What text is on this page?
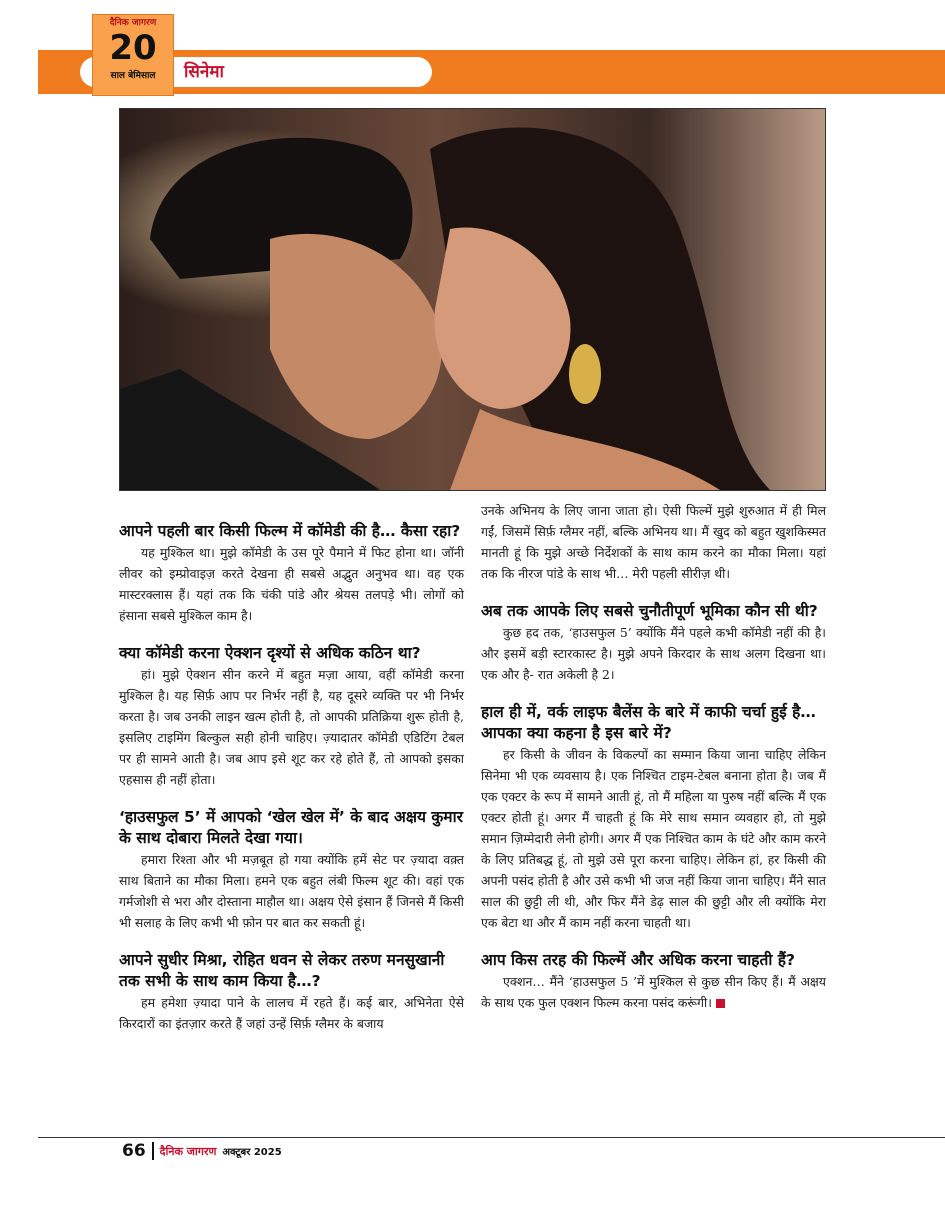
सिनेमा
दैनिक जागरण
20
साल बेमिसाल
आपने पहली बार किसी फिल्म में कॉमेडी की है… कैसा रहा?

यह मुश्किल था। मुझे कॉमेडी के उस पूरे पैमाने में फिट होना था। जॉनी लीवर को इम्प्रोवाइज़ करते देखना ही सबसे अद्भुत अनुभव था। वह एक मास्टरक्लास हैं। यहां तक कि चंकी पांडे और श्रेयस तलपड़े भी। लोगों को हंसाना सबसे मुश्किल काम है।

क्या कॉमेडी करना ऐक्शन दृश्यों से अधिक कठिन था?

हां। मुझे ऐक्शन सीन करने में बहुत मज़ा आया, वहीं कॉमेडी करना मुश्किल है। यह सिर्फ़ आप पर निर्भर नहीं है, यह दूसरे व्यक्ति पर भी निर्भर करता है। जब उनकी लाइन खत्म होती है, तो आपकी प्रतिक्रिया शुरू होती है, इसलिए टाइमिंग बिल्कुल सही होनी चाहिए। ज़्यादातर कॉमेडी एडिटिंग टेबल पर ही सामने आती है। जब आप इसे शूट कर रहे होते हैं, तो आपको इसका एहसास ही नहीं होता।

‘हाउसफुल 5’ में आपको ‘खेल खेल में’ के बाद अक्षय कुमार के साथ दोबारा मिलते देखा गया।

हमारा रिश्ता और भी मज़बूत हो गया क्योंकि हमें सेट पर ज़्यादा वक़्त साथ बिताने का मौका मिला। हमने एक बहुत लंबी फिल्म शूट की। वहां एक गर्मजोशी से भरा और दोस्ताना माहौल था। अक्षय ऐसे इंसान हैं जिनसे मैं किसी भी सलाह के लिए कभी भी फ़ोन पर बात कर सकती हूं।

आपने सुधीर मिश्रा, रोहित धवन से लेकर तरुण मनसुखानी तक सभी के साथ काम किया है…?

हम हमेशा ज़्यादा पाने के लालच में रहते हैं। कई बार, अभिनेता ऐसे किरदारों का इंतज़ार करते हैं जहां उन्हें सिर्फ़ ग्लैमर के बजाय

उनके अभिनय के लिए जाना जाता हो। ऐसी फिल्में मुझे शुरुआत में ही मिल गईं, जिसमें सिर्फ़ ग्लैमर नहीं, बल्कि अभिनय था। मैं खुद को बहुत खुशकिस्मत मानती हूं कि मुझे अच्छे निर्देशकों के साथ काम करने का मौका मिला। यहां तक कि नीरज पांडे के साथ भी… मेरी पहली सीरीज़ थी।

अब तक आपके लिए सबसे चुनौतीपूर्ण भूमिका कौन सी थी?

कुछ हद तक, ‘हाउसफुल 5’ क्योंकि मैंने पहले कभी कॉमेडी नहीं की है। और इसमें बड़ी स्टारकास्ट है। मुझे अपने किरदार के साथ अलग दिखना था। एक और है- रात अकेली है 2।

हाल ही में, वर्क लाइफ बैलेंस के बारे में काफी चर्चा हुई है… आपका क्या कहना है इस बारे में?

हर किसी के जीवन के विकल्पों का सम्मान किया जाना चाहिए लेकिन सिनेमा भी एक व्यवसाय है। एक निश्चित टाइम-टेबल बनाना होता है। जब मैं एक एक्टर के रूप में सामने आती हूं, तो मैं महिला या पुरुष नहीं बल्कि मैं एक एक्टर होती हूं। अगर मैं चाहती हूं कि मेरे साथ समान व्यवहार हो, तो मुझे समान ज़िम्मेदारी लेनी होगी। अगर मैं एक निश्चित काम के घंटे और काम करने के लिए प्रतिबद्ध हूं, तो मुझे उसे पूरा करना चाहिए। लेकिन हां, हर किसी की अपनी पसंद होती है और उसे कभी भी जज नहीं किया जाना चाहिए। मैंने सात साल की छुट्टी ली थी, और फिर मैंने डेढ़ साल की छुट्टी और ली क्योंकि मेरा एक बेटा था और मैं काम नहीं करना चाहती था।

आप किस तरह की फिल्में और अधिक करना चाहती हैं?

एक्शन… मैंने ‘हाउसफुल 5 ’में मुश्किल से कुछ सीन किए हैं। मैं अक्षय के साथ एक फुल एक्शन फिल्म करना पसंद करूंगी।

66 दैनिक जागरण अक्टूबर 2025
